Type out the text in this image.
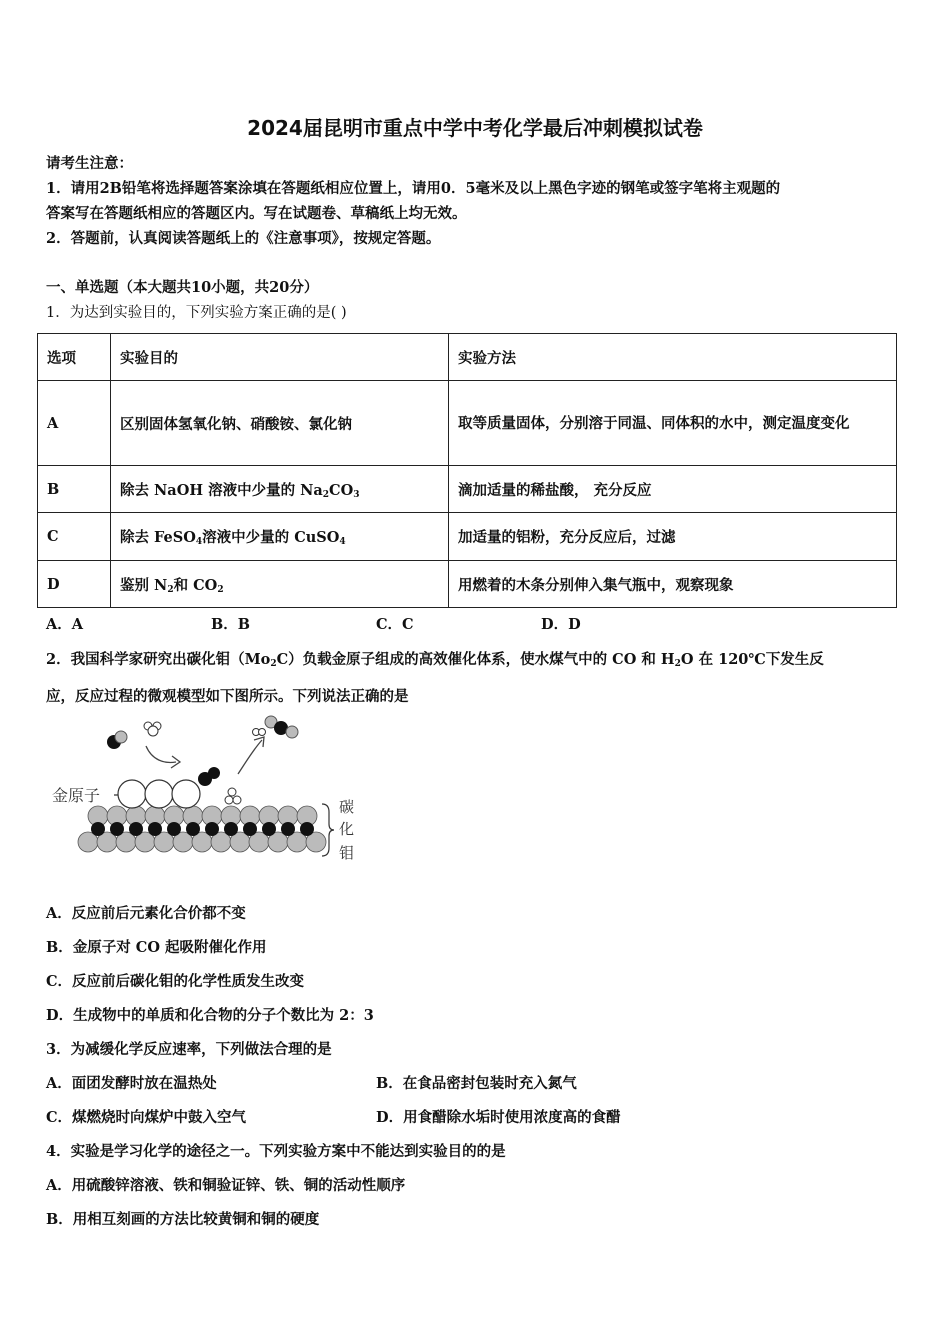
2024届昆明市重点中学中考化学最后冲刺模拟试卷
请考生注意：
1．请用2B铅笔将选择题答案涂填在答题纸相应位置上，请用0．5毫米及以上黑色字迹的钢笔或签字笔将主观题的
答案写在答题纸相应的答题区内。写在试题卷、草稿纸上均无效。
2．答题前，认真阅读答题纸上的《注意事项》，按规定答题。
一、单选题（本大题共10小题，共20分）
1．为达到实验目的，下列实验方案正确的是( )
选项	实验目的	实验方法
A	区别固体氢氧化钠、硝酸铵、氯化钠	取等质量固体，分别溶于同温、同体积的水中，测定温度变化
B	除去 NaOH 溶液中少量的 $Na_2CO_3$	滴加适量的稀盐酸， 充分反应
C	除去 FeSO$_4$溶液中少量的 CuSO$_4$	加适量的铝粉，充分反应后，过滤
D	鉴别 $N_2$和 $CO_2$	用燃着的木条分别伸入集气瓶中，观察现象
A．A	B．B	C．C	D．D
2．我国科学家研究出碳化钼$(Mo_2C)$负载金原子组成的高效催化体系，使水煤气中的 CO 和 $H_2O$ 在 120℃下发生反
应，反应过程的微观模型如下图所示。下列说法正确的是
金原子
碳
化
钼
A．反应前后元素化合价都不变
B．金原子对 CO 起吸附催化作用
C．反应前后碳化钼的化学性质发生改变
D．生成物中的单质和化合物的分子个数比为 2：3
3．为减缓化学反应速率，下列做法合理的是
A．面团发酵时放在温热处	B．在食品密封包装时充入氮气
C．煤燃烧时向煤炉中鼓入空气	D．用食醋除水垢时使用浓度高的食醋
4．实验是学习化学的途径之一。下列实验方案中不能达到实验目的的是
A．用硫酸锌溶液、铁和铜验证锌、铁、铜的活动性顺序
B．用相互刻画的方法比较黄铜和铜的硬度
